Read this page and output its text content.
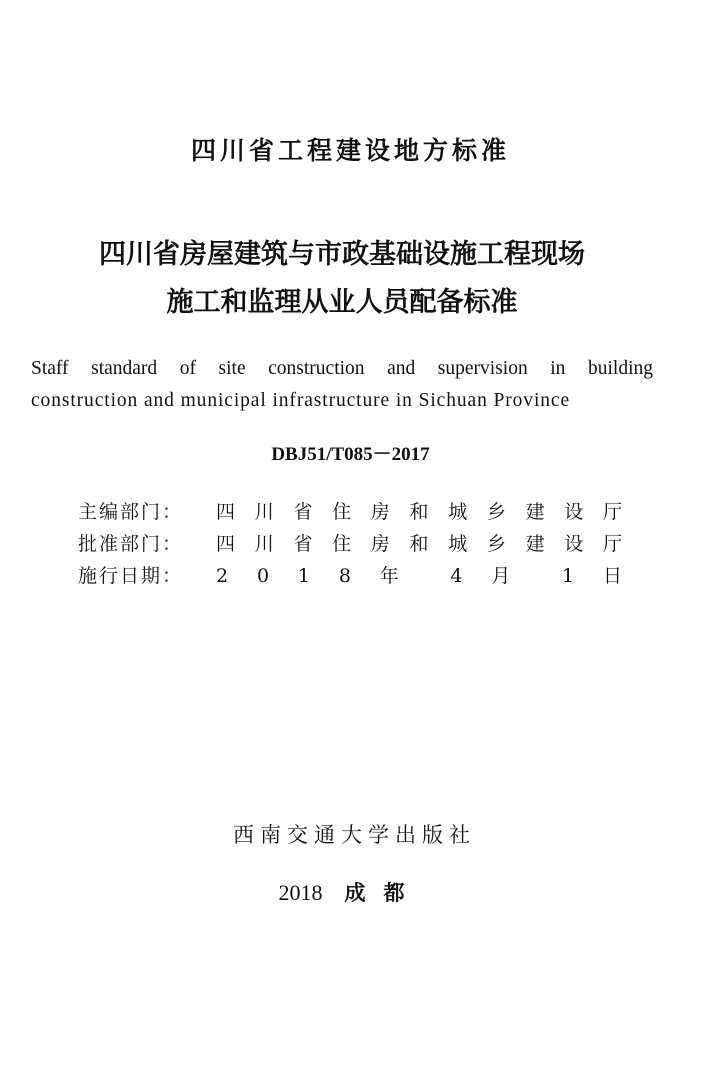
四川省工程建设地方标准
四川省房屋建筑与市政基础设施工程现场
施工和监理从业人员配备标准
Staff standard of site construction and supervision in building
construction and municipal infrastructure in Sichuan Province
DBJ51/T085－2017
主编部门：	四 川 省 住 房 和 城 乡 建 设 厅
批准部门：	四 川 省 住 房 和 城 乡 建 设 厅
施行日期：	2 0 1 8 年 4 月 1 日
西南交通大学出版社
2018 成都
